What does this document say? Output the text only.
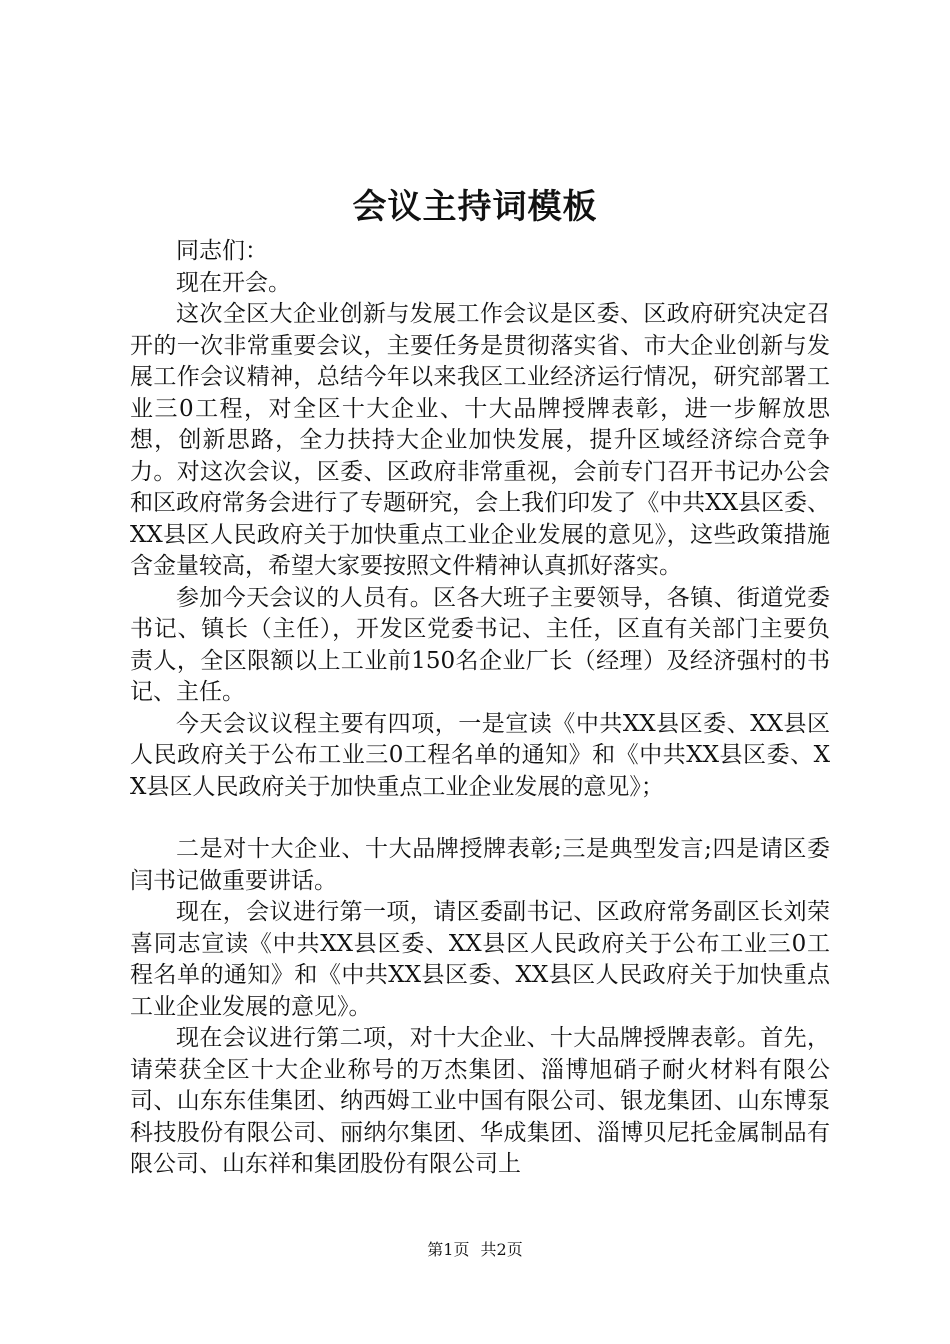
会议主持词模板

同志们：

现在开会。

这次全区大企业创新与发展工作会议是区委、区政府研究决定召开的一次非常重要会议，主要任务是贯彻落实省、市大企业创新与发展工作会议精神，总结今年以来我区工业经济运行情况，研究部署工业三0工程，对全区十大企业、十大品牌授牌表彰，进一步解放思想，创新思路，全力扶持大企业加快发展，提升区域经济综合竞争力。对这次会议，区委、区政府非常重视，会前专门召开书记办公会和区政府常务会进行了专题研究，会上我们印发了《中共XX县区委、XX县区人民政府关于加快重点工业企业发展的意见》，这些政策措施含金量较高，希望大家要按照文件精神认真抓好落实。

参加今天会议的人员有。区各大班子主要领导，各镇、街道党委书记、镇长（主任），开发区党委书记、主任，区直有关部门主要负责人，全区限额以上工业前150名企业厂长（经理）及经济强村的书记、主任。

今天会议议程主要有四项，一是宣读《中共XX县区委、XX县区人民政府关于公布工业三0工程名单的通知》和《中共XX县区委、XX县区人民政府关于加快重点工业企业发展的意见》；

二是对十大企业、十大品牌授牌表彰;三是典型发言;四是请区委闫书记做重要讲话。

现在，会议进行第一项，请区委副书记、区政府常务副区长刘荣喜同志宣读《中共XX县区委、XX县区人民政府关于公布工业三0工程名单的通知》和《中共XX县区委、XX县区人民政府关于加快重点工业企业发展的意见》。

现在会议进行第二项，对十大企业、十大品牌授牌表彰。首先，请荣获全区十大企业称号的万杰集团、淄博旭硝子耐火材料有限公司、山东东佳集团、纳西姆工业中国有限公司、银龙集团、山东博泵科技股份有限公司、丽纳尔集团、华成集团、淄博贝尼托金属制品有限公司、山东祥和集团股份有限公司上

第1页 共2页
